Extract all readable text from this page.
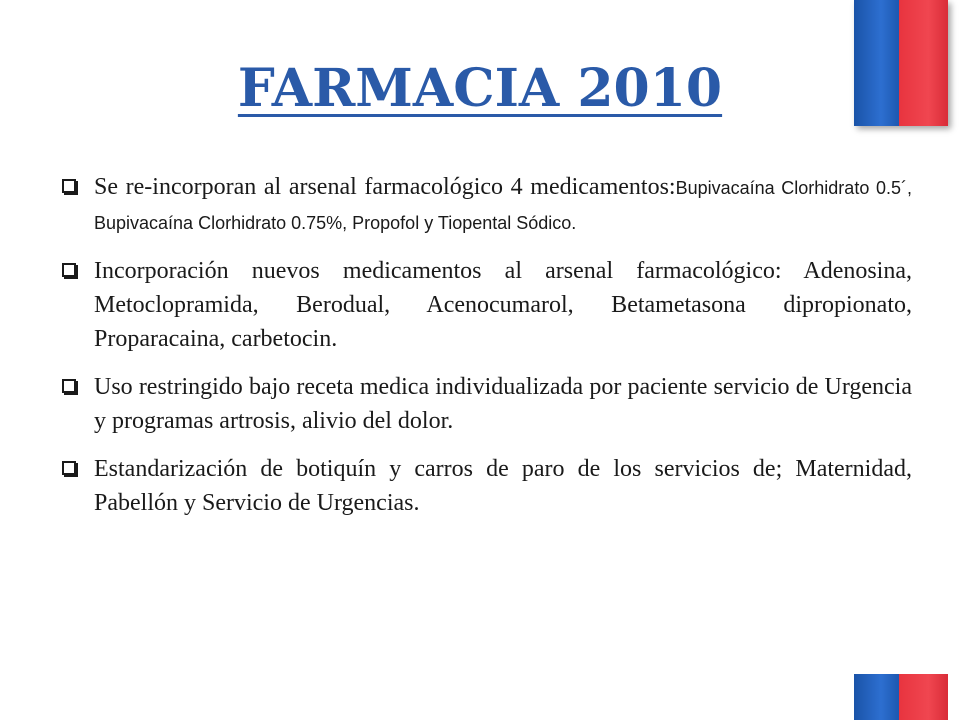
FARMACIA 2010
Se re-incorporan al arsenal farmacológico 4 medicamentos:Bupivacaína Clorhidrato 0.5´, Bupivacaína Clorhidrato 0.75%, Propofol y Tiopental Sódico.
Incorporación nuevos medicamentos al arsenal farmacológico: Adenosina, Metoclopramida, Berodual, Acenocumarol, Betametasona dipropionato, Proparacaina, carbetocin.
Uso restringido bajo receta medica individualizada por paciente servicio de Urgencia y programas artrosis, alivio del dolor.
Estandarización de botiquín y carros de paro de los servicios de; Maternidad, Pabellón y Servicio de Urgencias.
